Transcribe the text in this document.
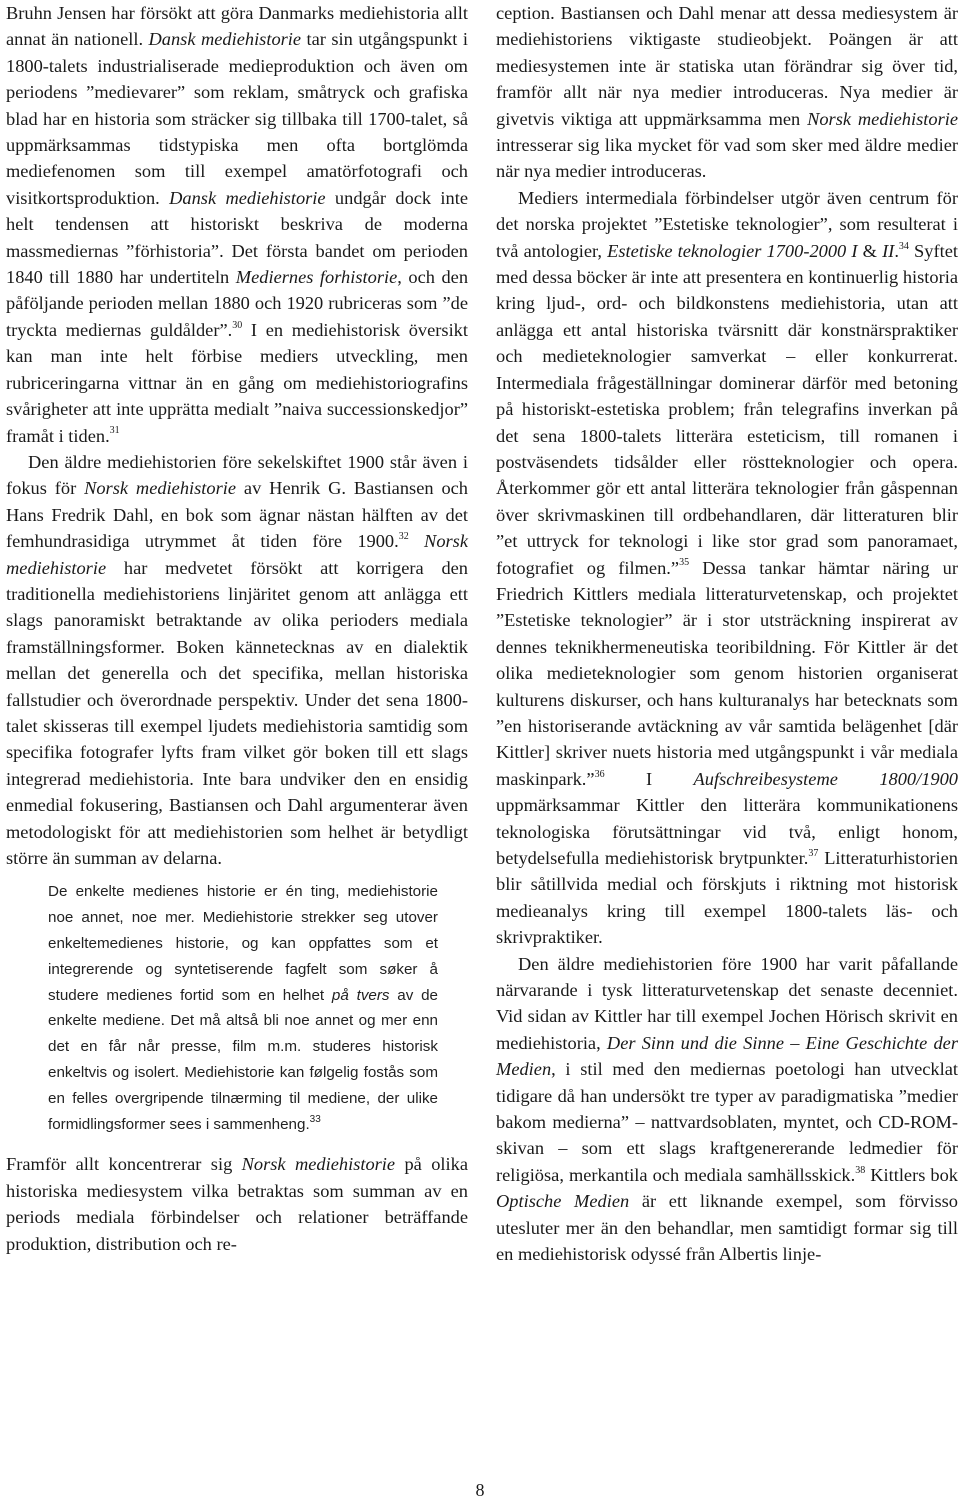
Bruhn Jensen har försökt att göra Danmarks mediehistoria allt annat än nationell. Dansk mediehistorie tar sin utgångspunkt i 1800-talets industrialiserade medieproduktion och även om periodens ”medievarer” som reklam, småtryck och grafiska blad har en historia som sträcker sig tillbaka till 1700-talet, så uppmärksammas tidstypiska men ofta bortglömda mediefenomen som till exempel amatörfotografi och visitkortsproduktion. Dansk mediehistorie undgår dock inte helt tendensen att historiskt beskriva de moderna massmediernas ”förhistoria”. Det första bandet om perioden 1840 till 1880 har undertiteln Mediernes forhistorie, och den påföljande perioden mellan 1880 och 1920 rubriceras som ”de tryckta mediernas guldålder”.$^{30}$ I en mediehistorisk översikt kan man inte helt förbise mediers utveckling, men rubriceringarna vittnar än en gång om mediehistoriografins svårigheter att inte upprätta medialt ”naiva successionskedjor” framåt i tiden.$^{31}$

Den äldre mediehistorien före sekelskiftet 1900 står även i fokus för Norsk mediehistorie av Henrik G. Bastiansen och Hans Fredrik Dahl, en bok som ägnar nästan hälften av det femhundrasidiga utrymmet åt tiden före 1900.32 Norsk mediehistorie har medvetet försökt att korrigera den traditionella mediehistoriens linjäritet genom att anlägga ett slags panoramiskt betraktande av olika perioders mediala framställningsformer. Boken kännetecknas av en dialektik mellan det generella och det specifika, mellan historiska fallstudier och överordnade perspektiv. Under det sena 1800-talet skisseras till exempel ljudets mediehistoria samtidig som specifika fotografer lyfts fram vilket gör boken till ett slags integrerad mediehistoria. Inte bara undviker den en ensidig enmedial fokusering, Bastiansen och Dahl argumenterar även metodologiskt för att mediehistorien som helhet är betydligt större än summan av delarna.

De enkelte medienes historie er én ting, mediehistorie noe annet, noe mer. Mediehistorie strekker seg utover enkeltemedienes historie, og kan oppfattes som et integrerende og syntetiserende fagfelt som søker å studere medienes fortid som en helhet på tvers av de enkelte mediene. Det må altså bli noe annet og mer enn det en får når presse, film m.m. studeres historisk enkeltvis og isolert. Mediehistorie kan følgelig fostås som en felles overgripende tilnærming til mediene, der ulike formidlingsformer sees i sammenheng.$^{33}$

Framför allt koncentrerar sig Norsk mediehistorie på olika historiska mediesystem vilka betraktas som summan av en periods mediala förbindelser och relationer beträffande produktion, distribution och re-

ception. Bastiansen och Dahl menar att dessa mediesystem är mediehistoriens viktigaste studieobjekt. Poängen är att mediesystemen inte är statiska utan förändrar sig över tid, framför allt när nya medier introduceras. Nya medier är givetvis viktiga att uppmärksamma men Norsk mediehistorie intresserar sig lika mycket för vad som sker med äldre medier när nya medier introduceras.

Mediers intermediala förbindelser utgör även centrum för det norska projektet ”Estetiske teknologier”, som resulterat i två antologier, Estetiske teknologier 1700-2000 I & II.$^{34}$ Syftet med dessa böcker är inte att presentera en kontinuerlig historia kring ljud-, ord- och bildkonstens mediehistoria, utan att anlägga ett antal historiska tvärsnitt där konstnärspraktiker och medieteknologier samverkat – eller konkurrerat. Intermediala frågeställningar dominerar därför med betoning på historiskt-estetiska problem; från telegrafins inverkan på det sena 1800-talets litterära esteticism, till romanen i postväsendets tidsålder eller röstteknologier och opera. Återkommer gör ett antal litterära teknologier från gåspennan över skrivmaskinen till ordbehandlaren, där litteraturen blir ”et uttryck for teknologi i like stor grad som panoramaet, fotografiet og filmen.”$^{35}$ Dessa tankar hämtar näring ur Friedrich Kittlers mediala litteraturvetenskap, och projektet ”Estetiske teknologier” är i stor utsträckning inspirerat av dennes teknikhermeneutiska teoribildning. För Kittler är det olika medieteknologier som genom historien organiserat kulturens diskurser, och hans kulturanalys har betecknats som ”en historiserande avtäckning av vår samtida belägenhet [där Kittler] skriver nuets historia med utgångspunkt i vår mediala maskinpark.”$^{36}$ I Aufschreibesysteme 1800/1900 uppmärksammar Kittler den litterära kommunikationens teknologiska förutsättningar vid två, enligt honom, betydelsefulla mediehistorisk brytpunkter.$^{37}$ Litteraturhistorien blir såtillvida medial och förskjuts i riktning mot historisk medieanalys kring till exempel 1800-talets läs- och skrivpraktiker.

Den äldre mediehistorien före 1900 har varit påfallande närvarande i tysk litteraturvetenskap det senaste decenniet. Vid sidan av Kittler har till exempel Jochen Hörisch skrivit en mediehistoria, Der Sinn und die Sinne – Eine Geschichte der Medien, i stil med den mediernas poetologi han utvecklat tidigare då han undersökt tre typer av paradigmatiska ”medier bakom medierna” – nattvardsoblaten, myntet, och CD-ROM-skivan – som ett slags kraftgenererande ledmedier för religiösa, merkantila och mediala samhällsskick.$^{38}$ Kittlers bok Optische Medien är ett liknande exempel, som förvisso utesluter mer än den behandlar, men samtidigt formar sig till en mediehistorisk odyssé från Albertis linje-

8
